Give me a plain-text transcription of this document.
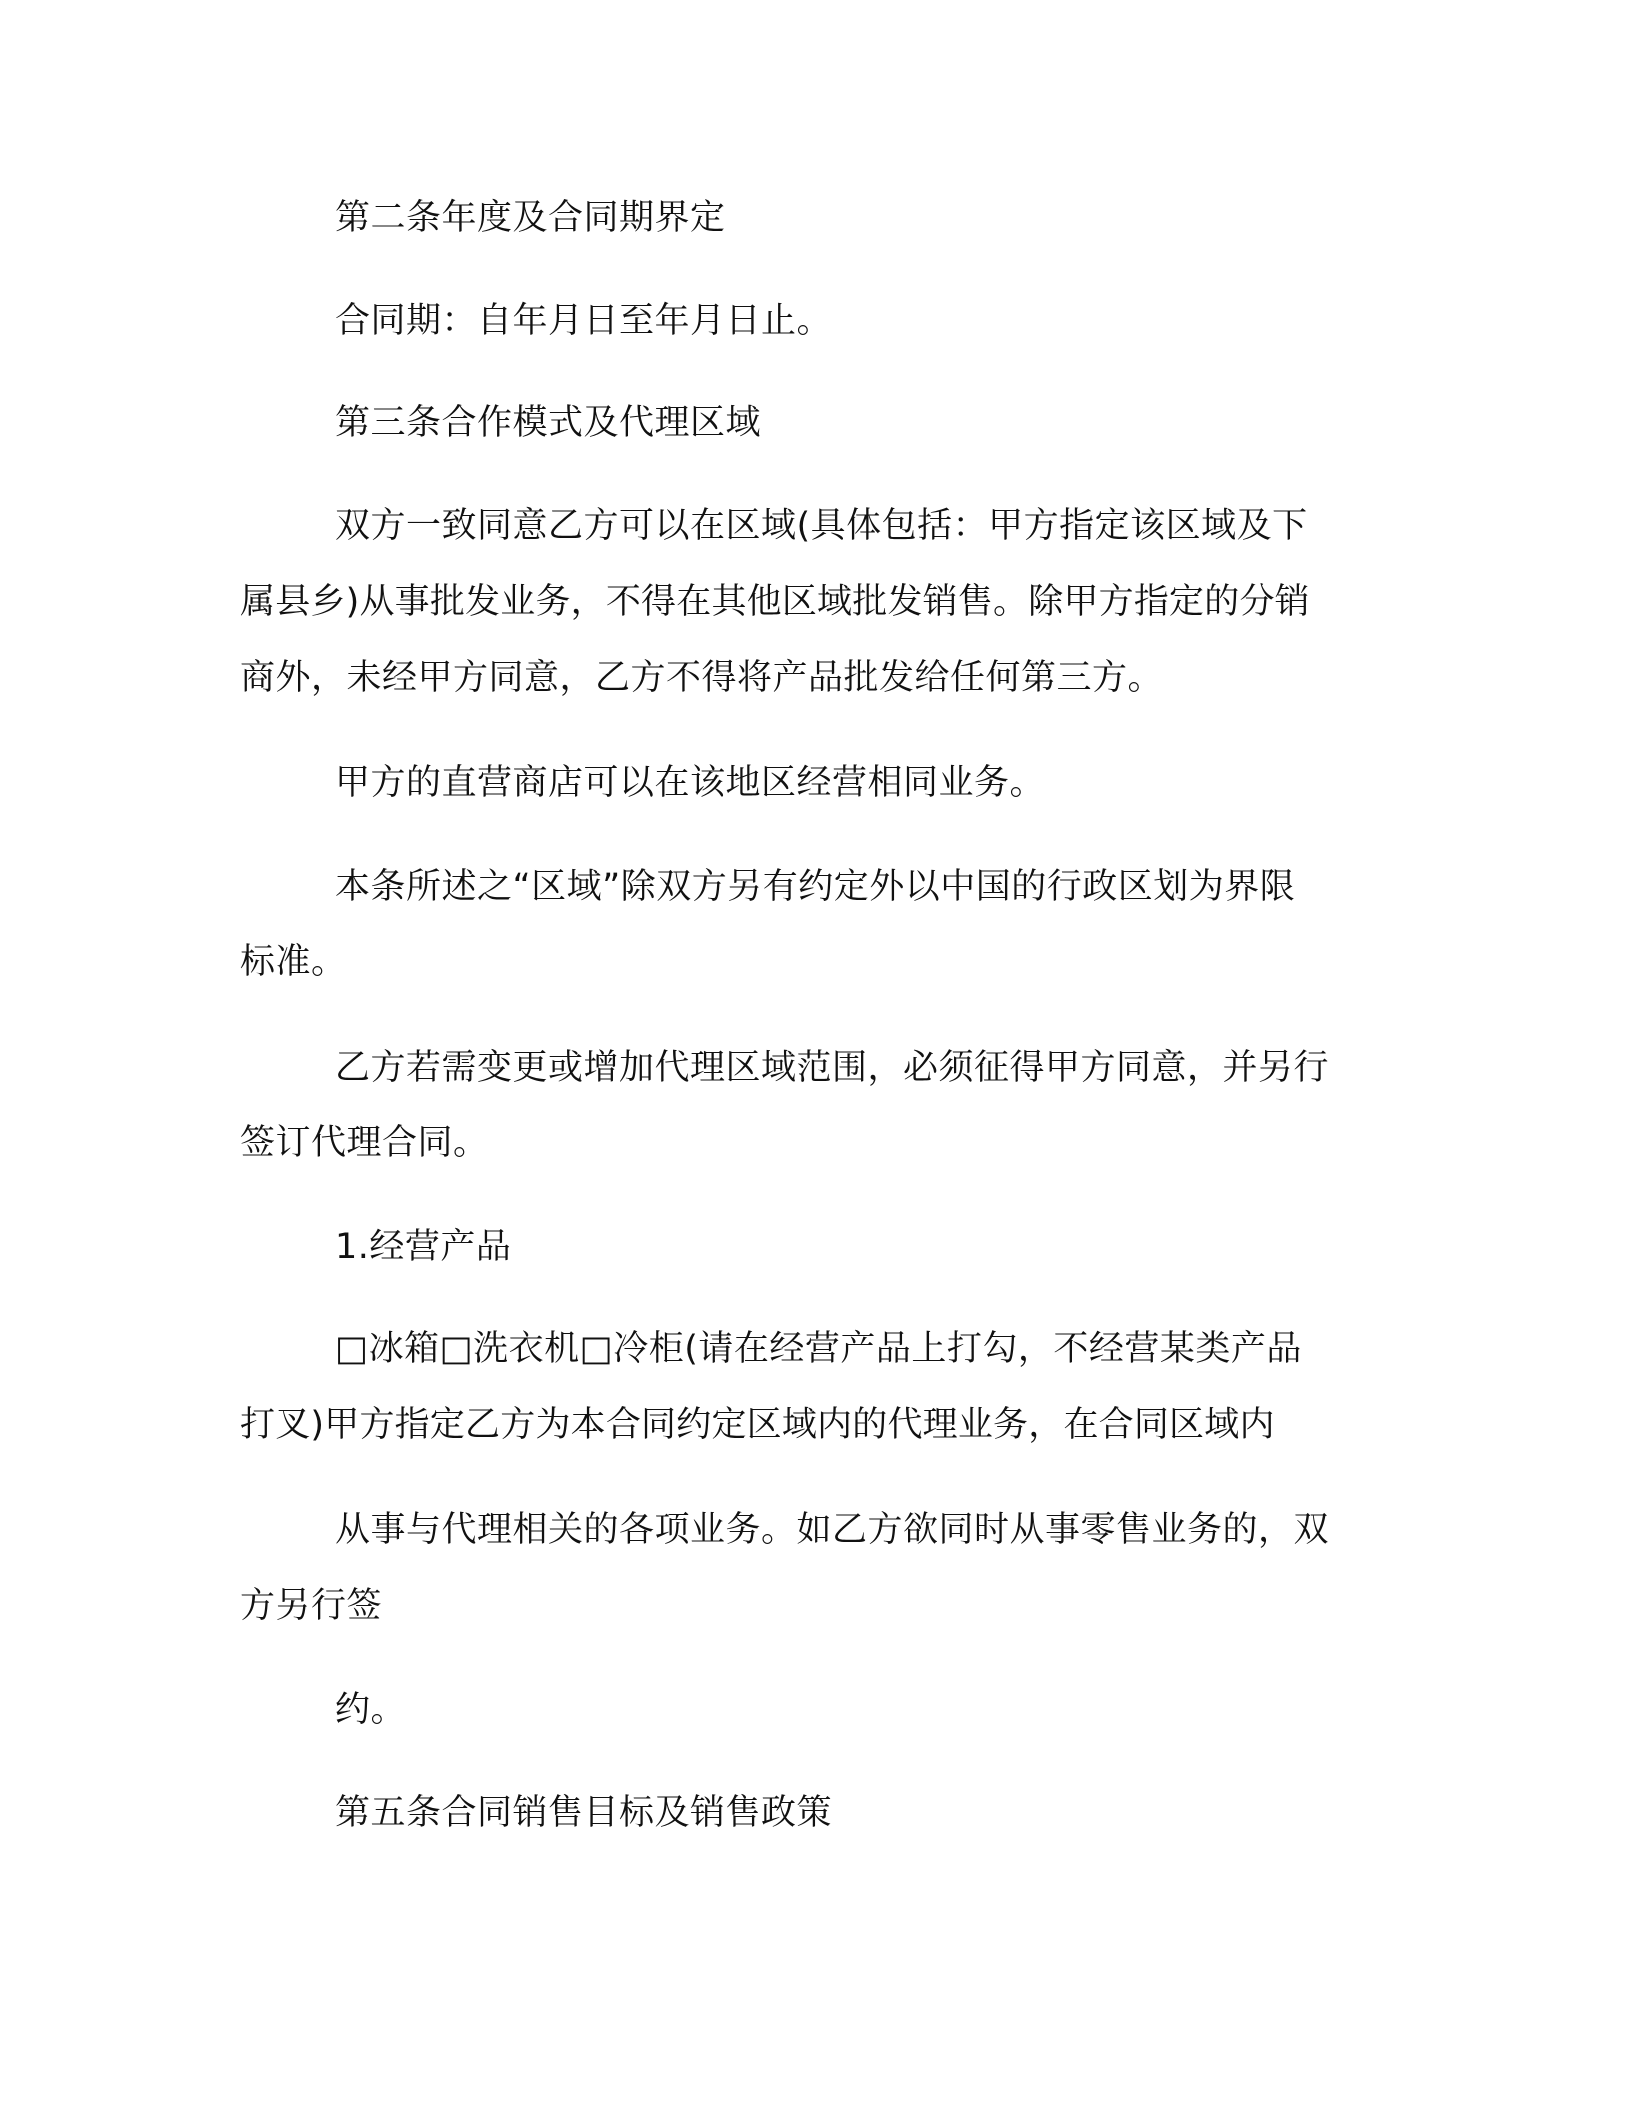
第二条年度及合同期界定
合同期：自年月日至年月日止。
第三条合作模式及代理区域
双方一致同意乙方可以在区域(具体包括：甲方指定该区域及下
属县乡)从事批发业务，不得在其他区域批发销售。除甲方指定的分销
商外，未经甲方同意，乙方不得将产品批发给任何第三方。
甲方的直营商店可以在该地区经营相同业务。
本条所述之“区域”除双方另有约定外以中国的行政区划为界限
标准。
乙方若需变更或增加代理区域范围，必须征得甲方同意，并另行
签订代理合同。
1.经营产品
□冰箱□洗衣机□冷柜(请在经营产品上打勾，不经营某类产品
打叉)甲方指定乙方为本合同约定区域内的代理业务，在合同区域内
从事与代理相关的各项业务。如乙方欲同时从事零售业务的，双
方另行签
约。
第五条合同销售目标及销售政策
